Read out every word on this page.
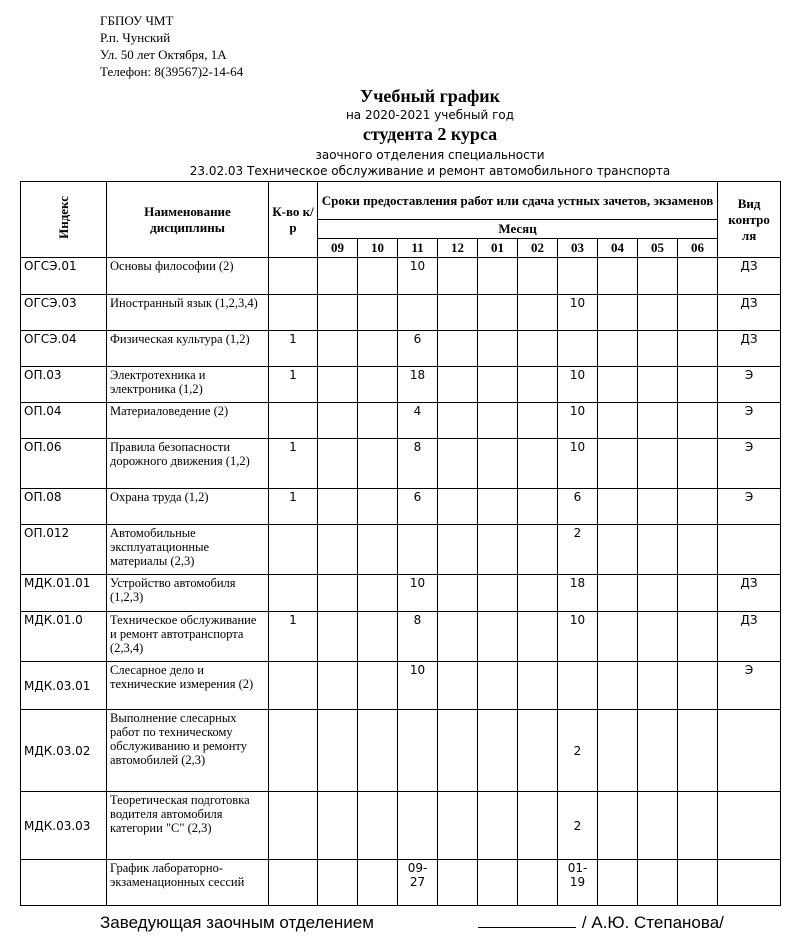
ГБПОУ ЧМТ
Р.п. Чунский
Ул. 50 лет Октября, 1А
Телефон: 8(39567)2-14-64
Учебный график
на 2020-2021 учебный год
студента 2 курса
заочного отделения специальности
23.02.03 Техническое обслуживание и ремонт автомобильного транспорта
Индекс	Наименование дисциплины	К-во к/р	Сроки предоставления работ или сдача устных зачетов, экзаменов										Вид контро ля
			Месяц										
			09	10	11	12	01	02	03	04	05	06	
ОГСЭ.01	Основы философии (2)				10								ДЗ
ОГСЭ.03	Иностранный язык (1,2,3,4)								10				ДЗ
ОГСЭ.04	Физическая культура (1,2)	1			6								ДЗ
ОП.03	Электротехника и электроника (1,2)	1			18				10				Э
ОП.04	Материаловедение (2)				4				10				Э
ОП.06	Правила безопасности дорожного движения (1,2)	1			8				10				Э
ОП.08	Охрана труда (1,2)	1			6				6				Э
ОП.012	Автомобильные эксплуатационные материалы (2,3)								2				
МДК.01.01	Устройство автомобиля (1,2,3)				10				18				ДЗ
МДК.01.0	Техническое обслуживание и ремонт автотранспорта (2,3,4)	1			8				10				ДЗ
МДК.03.01	Слесарное дело и технические измерения (2)				10								Э
МДК.03.02	Выполнение слесарных работ по техническому обслуживанию и ремонту автомобилей (2,3)								2				
МДК.03.03	Теоретическая подготовка водителя автомобиля категории "С" (2,3)								2				
	График лабораторно-экзаменационных сессий				09-27				01-19				
Заведующая заочным отделением	/ А.Ю. Степанова/
